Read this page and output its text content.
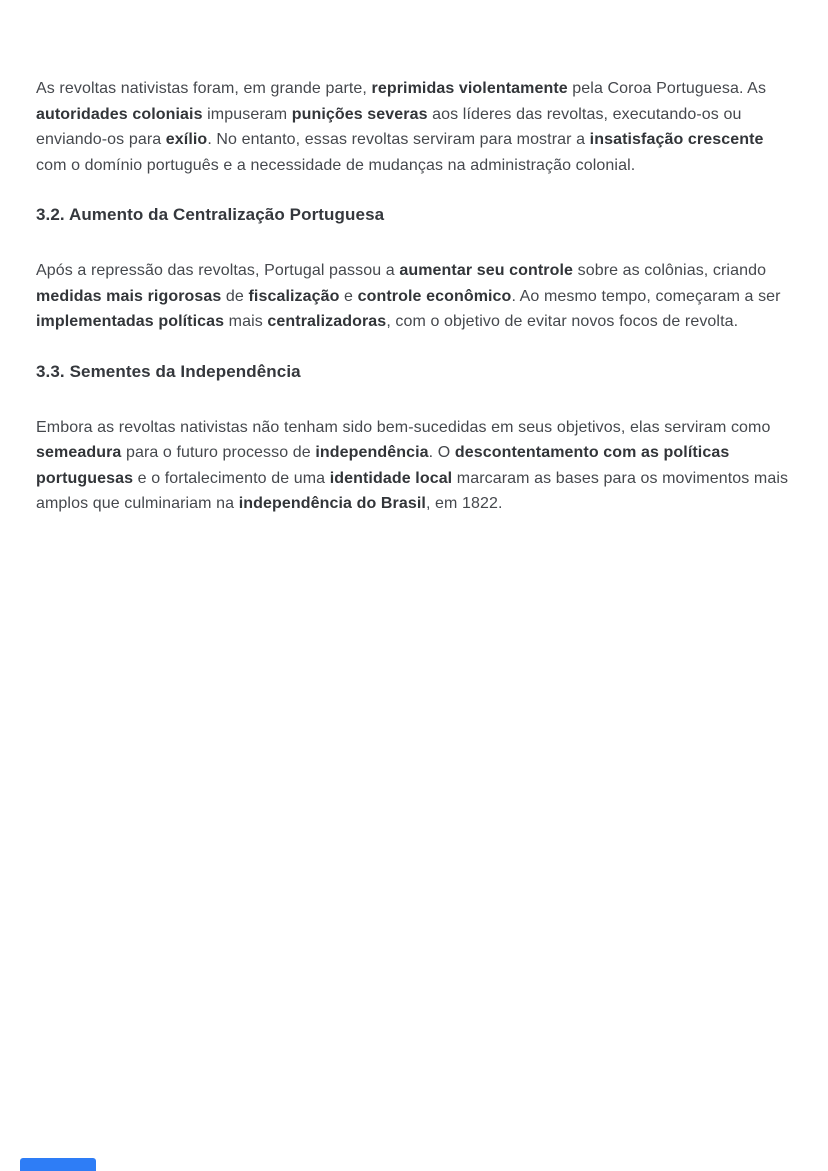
As revoltas nativistas foram, em grande parte, reprimidas violentamente pela Coroa Portuguesa. As autoridades coloniais impuseram punições severas aos líderes das revoltas, executando-os ou enviando-os para exílio. No entanto, essas revoltas serviram para mostrar a insatisfação crescente com o domínio português e a necessidade de mudanças na administração colonial.

3.2. Aumento da Centralização Portuguesa

Após a repressão das revoltas, Portugal passou a aumentar seu controle sobre as colônias, criando medidas mais rigorosas de fiscalização e controle econômico. Ao mesmo tempo, começaram a ser implementadas políticas mais centralizadoras, com o objetivo de evitar novos focos de revolta.

3.3. Sementes da Independência

Embora as revoltas nativistas não tenham sido bem-sucedidas em seus objetivos, elas serviram como semeadura para o futuro processo de independência. O descontentamento com as políticas portuguesas e o fortalecimento de uma identidade local marcaram as bases para os movimentos mais amplos que culminariam na independência do Brasil, em 1822.
